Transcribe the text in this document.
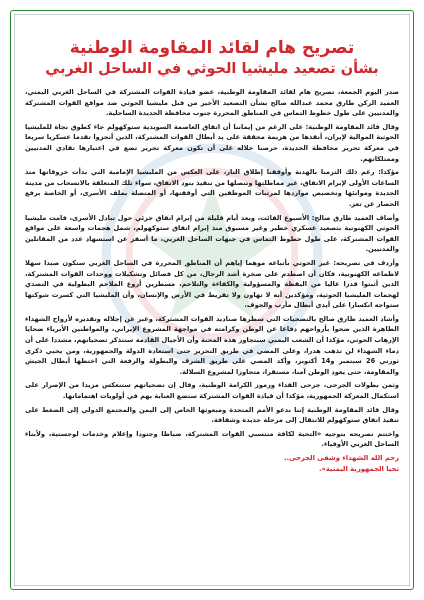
تصريح هام لقائد المقاومة الوطنية
بشأن تصعيد مليشيا الحوثي في الساحل الغربي

صدر اليوم الجمعة، تصريح هام لقائد المقاومة الوطنية، عضو قيادة القوات المشتركة في الساحل الغربي اليمني، العميد الركن طارق محمد عبدالله صالح بشأن التصعيد الأخير من قبل مليشيا الحوثي ضد مواقع القوات المشتركة والمدنيين على طول خطوط التماس في المناطق المحررة جنوب محافظة الحديدة الساحلية.

وقال قائد المقاومة الوطنية: على الرغم من إيماننا أن اتفاق العاصمة السويدية ستوكهولم جاء كطوق نجاة للمليشيا الحوثية الموالية لإيران، أنقذها من هزيمة محققة على يد أبطال القوات المشتركة، الذين أنجزوا تقدما عسكريا سريعا في معركة تحرير محافظة الحديدة، حرصنا خلاله على أن تكون معركة تحرير تضع في اعتبارها تفادي المدنيين وممتلكاتهم.

مؤكدا: رغم ذلك التزمنا بالهدنة وأوقفنا إطلاق النار، على العكس من المليشيا الإمامية التي بدأت خروقاتها منذ الساعات الأولى لإبرام الاتفاق، غير مماطلتها وتنصلها من تنفيذ بنود الاتفاق، سواء تلك المتعلقة بالانسحاب من مدينة الحديدة وموانئها وتخصيص مواردها لمرتبات الموظفين التي أوقفتها، أو المتصلة بملف الأسرى، أو الخاصة برفع الحصار عن تعز.

وأضاف العميد طارق صالح: الأسبوع الفائت، وبعد أيام قليلة من إبرام اتفاق جزئي حول تبادل الأسرى، قامت مليشيا الحوثي الكهنوتية بتصعيد عسكري خطير وغير مسبوق منذ إبرام اتفاق ستوكهولم، شمل هجمات واسعة على مواقع القوات المشتركة، على طول خطوط التماس في جبهات الساحل الغربي، ما أسفر عن استشهاد عدد من المقاتلين والمدنيين.

وأردف في تصريحه: غير الحوثي بأتباعه موهما إياهم أن المناطق المحررة في الساحل الغربي ستكون صيدا سهلا لاطماعه الكهنوتية، فكان أن اصطدم على صخرة أشد الرجال، من كل فصائل وتشكيلات ووحدات القوات المشتركة، الذين أثبتوا قدرا عاليا من اليقظة والمسؤولية والكفاءة والتلاحم، مسطرين أروع الملاحم البطولية في التصدي لهجمات المليشيا الحوثية، ومؤكدين أنه لا تهاون ولا تفريط في الأرض والإنسان، وأن المليشيا التي كسرت شوكتها ستواجه انكسارا على أيدي أبطال مأرب والجوف.

وأشاد العميد طارق صالح بالتضحيات التي سطرها صناديد القوات المشتركة، وعبر عن إجلاله وتقديره لأرواح الشهداء الطاهرة الذين ضحوا بأرواحهم دفاعا عن الوطن وكرامته في مواجهة المشروع الإيراني، والمواطنين الأبرياء ضحايا الإرهاب الحوثي، مؤكدا أن الشعب اليمني سيتجاوز هذه المحنة وأن الأجيال القادمة ستتذكر تضحياتهم، مشددا على أن دماء الشهداء لن تذهب هدرا، وعلى المضي في طريق التحرير حتى استعادة الدولة والجمهورية، ومن يحيي ذكرى ثورتي 26 سبتمبر و14 أكتوبر، وأكد المضي على طريق الشرف والبطولة والرفعة التي اختطها أبطال الجيش والمقاومة، حتى يعود الوطن آمنا، مستقرا، متجاوزا لمشروع السلالة.

وثمن بطولات الجرحى، جرحى الفداء ورموز الكرامة الوطنية، وقال إن تضحياتهم ستنعكس مزيدا من الإصرار على استكمال المعركة الجمهورية، مؤكدا أن قيادة القوات المشتركة ستضع العناية بهم في أولويات اهتماماتها.

وقال قائد المقاومة الوطنية إننا ندعو الأمم المتحدة ومبعوثها الخاص إلى اليمن والمجتمع الدولي إلى الضغط على تنفيذ اتفاق ستوكهولم للانتقال إلى مرحلة جديدة وشفافة.

واختتم تصريحه بتوجيه «التحية لكافة منتسبي القوات المشتركة، ضباطا وجنودا وإعلام وخدمات لوجستية، ولأبناء الساحل الغربي الأوفياء.

رحم الله الشهداء وشفى الجرحى..

تحيا الجمهورية اليمنية».
